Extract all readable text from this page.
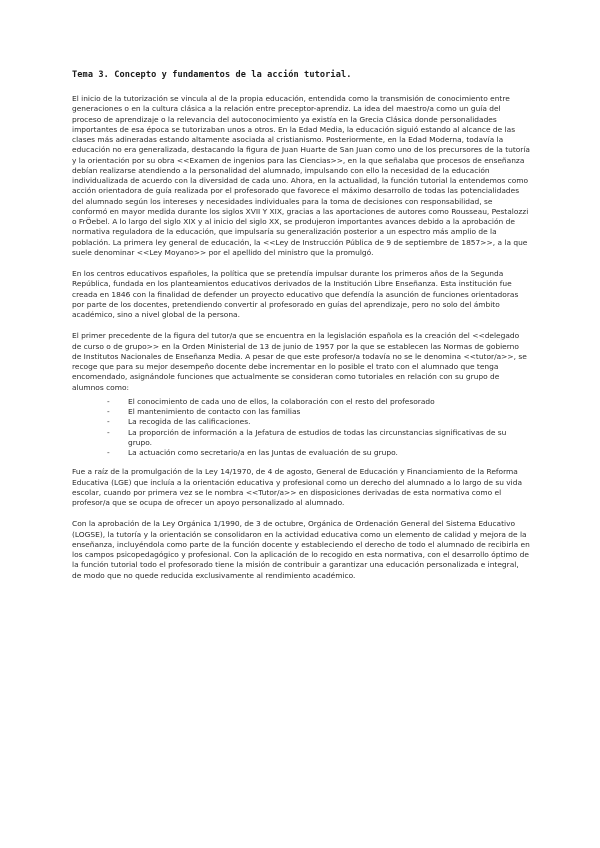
Tema 3. Concepto y fundamentos de la acción tutorial.

El inicio de la tutorización se vincula al de la propia educación, entendida como la transmisión de conocimiento entre generaciones o en la cultura clásica a la relación entre preceptor-aprendiz. La idea del maestro/a como un guía del proceso de aprendizaje o la relevancia del autoconocimiento ya existía en la Grecia Clásica donde personalidades importantes de esa época se tutorizaban unos a otros. En la Edad Media, la educación siguió estando al alcance de las clases más adineradas estando altamente asociada al cristianismo. Posteriormente, en la Edad Moderna, todavía la educación no era generalizada, destacando la figura de Juan Huarte de San Juan como uno de los precursores de la tutoría y la orientación por su obra <<Examen de ingenios para las Ciencias>>, en la que señalaba que procesos de enseñanza debían realizarse atendiendo a la personalidad del alumnado, impulsando con ello la necesidad de la educación individualizada de acuerdo con la diversidad de cada uno. Ahora, en la actualidad, la función tutorial la entendemos como acción orientadora de guía realizada por el profesorado que favorece el máximo desarrollo de todas las potencialidades del alumnado según los intereses y necesidades individuales para la toma de decisiones con responsabilidad, se conformó en mayor medida durante los siglos XVII Y XIX, gracias a las aportaciones de autores como Rousseau, Pestalozzi o FrÖebel. A lo largo del siglo XIX y al inicio del siglo XX, se produjeron importantes avances debido a la aprobación de normativa reguladora de la educación, que impulsaría su generalización posterior a un espectro más amplio de la población. La primera ley general de educación, la <<Ley de Instrucción Pública de 9 de septiembre de 1857>>, a la que suele denominar <<Ley Moyano>> por el apellido del ministro que la promulgó.

En los centros educativos españoles, la política que se pretendía impulsar durante los primeros años de la Segunda República, fundada en los planteamientos educativos derivados de la Institución Libre Enseñanza. Esta institución fue creada en 1846 con la finalidad de defender un proyecto educativo que defendía la asunción de funciones orientadoras por parte de los docentes, pretendiendo convertir al profesorado en guías del aprendizaje, pero no solo del ámbito académico, sino a nivel global de la persona.

El primer precedente de la figura del tutor/a que se encuentra en la legislación española es la creación del <<delegado de curso o de grupo>> en la Orden Ministerial de 13 de junio de 1957 por la que se establecen las Normas de gobierno de Institutos Nacionales de Enseñanza Media. A pesar de que este profesor/a todavía no se le denomina <<tutor/a>>, se recoge que para su mejor desempeño docente debe incrementar en lo posible el trato con el alumnado que tenga encomendado, asignándole funciones que actualmente se consideran como tutoriales en relación con su grupo de alumnos como:

- El conocimiento de cada uno de ellos, la colaboración con el resto del profesorado
- El mantenimiento de contacto con las familias
- La recogida de las calificaciones.
- La proporción de información a la Jefatura de estudios de todas las circunstancias significativas de su grupo.
- La actuación como secretario/a en las Juntas de evaluación de su grupo.

Fue a raíz de la promulgación de la Ley 14/1970, de 4 de agosto, General de Educación y Financiamiento de la Reforma Educativa (LGE) que incluía a la orientación educativa y profesional como un derecho del alumnado a lo largo de su vida escolar, cuando por primera vez se le nombra <<Tutor/a>> en disposiciones derivadas de esta normativa como el profesor/a que se ocupa de ofrecer un apoyo personalizado al alumnado.

Con la aprobación de la Ley Orgánica 1/1990, de 3 de octubre, Orgánica de Ordenación General del Sistema Educativo (LOGSE), la tutoría y la orientación se consolidaron en la actividad educativa como un elemento de calidad y mejora de la enseñanza, incluyéndola como parte de la función docente y estableciendo el derecho de todo el alumnado de recibirla en los campos psicopedagógico y profesional. Con la aplicación de lo recogido en esta normativa, con el desarrollo óptimo de la función tutorial todo el profesorado tiene la misión de contribuir a garantizar una educación personalizada e integral, de modo que no quede reducida exclusivamente al rendimiento académico.
